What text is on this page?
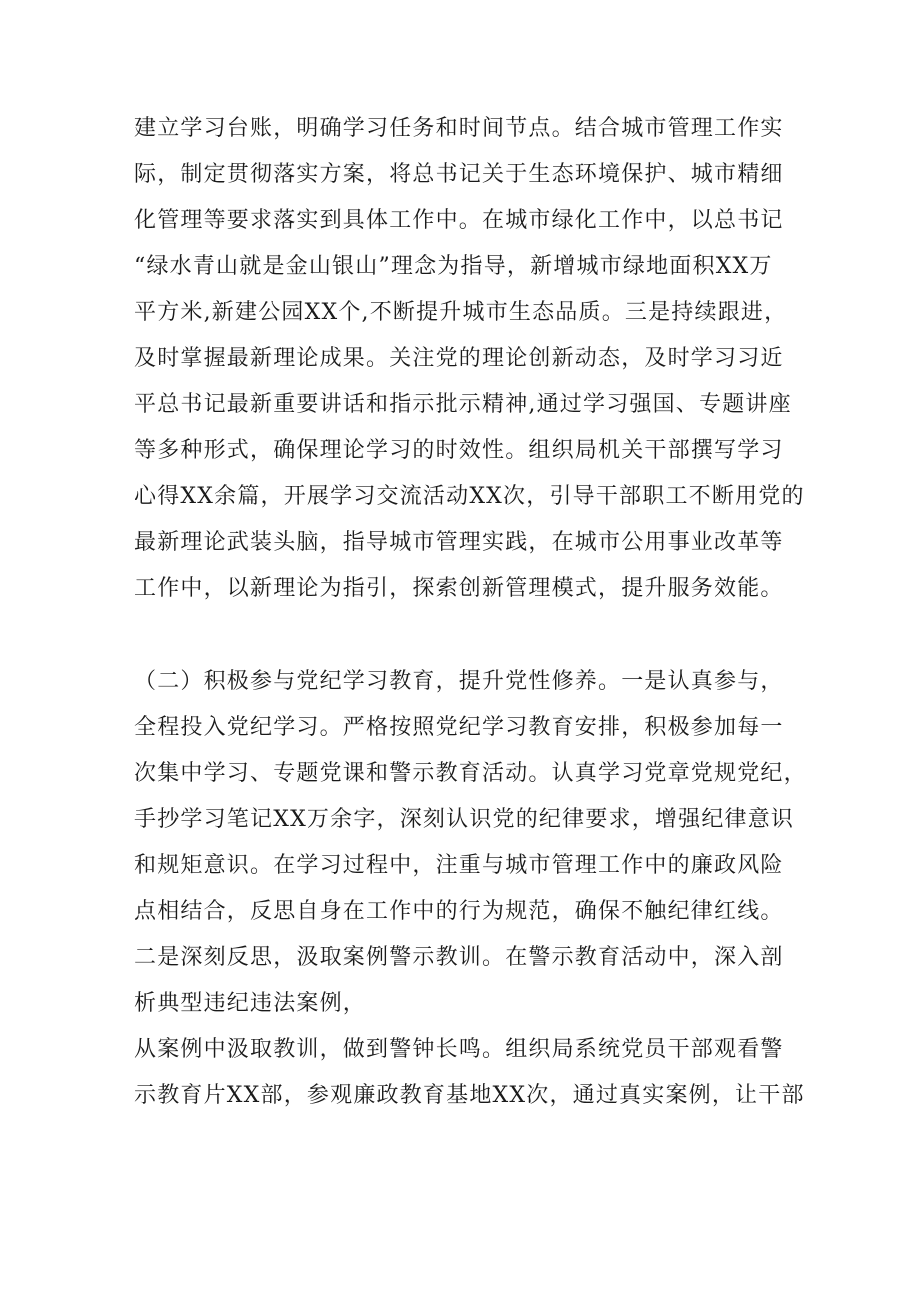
建立学习台账，明确学习任务和时间节点。结合城市管理工作实
际，制定贯彻落实方案，将总书记关于生态环境保护、城市精细
化管理等要求落实到具体工作中。在城市绿化工作中，以总书记
“绿水青山就是金山银山”理念为指导，新增城市绿地面积XX万
平方米,新建公园XX个,不断提升城市生态品质。三是持续跟进，
及时掌握最新理论成果。关注党的理论创新动态，及时学习习近
平总书记最新重要讲话和指示批示精神,通过学习强国、专题讲座
等多种形式，确保理论学习的时效性。组织局机关干部撰写学习
心得XX余篇，开展学习交流活动XX次，引导干部职工不断用党的
最新理论武装头脑，指导城市管理实践，在城市公用事业改革等
工作中，以新理论为指引，探索创新管理模式，提升服务效能。
（二）积极参与党纪学习教育，提升党性修养。一是认真参与，
全程投入党纪学习。严格按照党纪学习教育安排，积极参加每一
次集中学习、专题党课和警示教育活动。认真学习党章党规党纪，
手抄学习笔记XX万余字，深刻认识党的纪律要求，增强纪律意识
和规矩意识。在学习过程中，注重与城市管理工作中的廉政风险
点相结合，反思自身在工作中的行为规范，确保不触纪律红线。
二是深刻反思，汲取案例警示教训。在警示教育活动中，深入剖
析典型违纪违法案例，
从案例中汲取教训，做到警钟长鸣。组织局系统党员干部观看警
示教育片XX部，参观廉政教育基地XX次，通过真实案例，让干部
